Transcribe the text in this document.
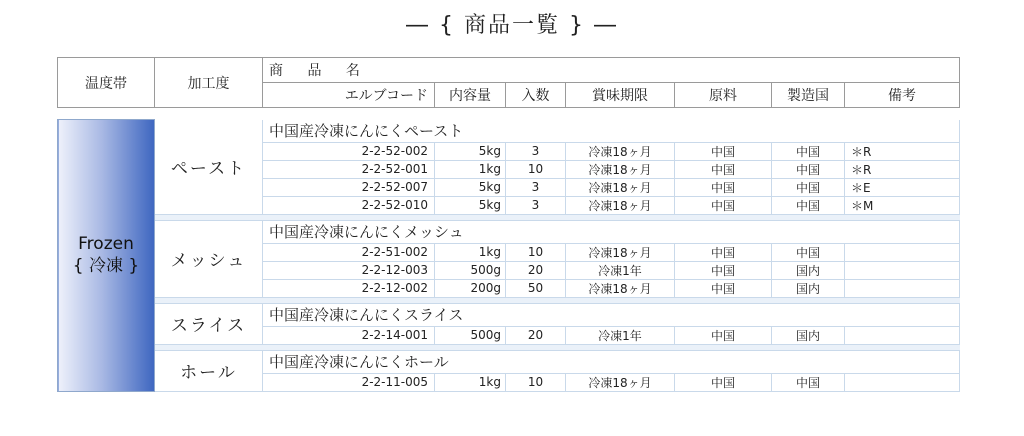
― { 商品一覧 } ―
温度帯	加工度	商 品 名						
		エルブコード	内容量	入数	賞味期限	原料	製造国	備考
Frozen
{ 冷凍 }	ペースト	中国産冷凍にんにくペースト						
		2-2-52-002	5kg	3	冷凍18ヶ月	中国	中国	＊R
		2-2-52-001	1kg	10	冷凍18ヶ月	中国	中国	＊R
		2-2-52-007	5kg	3	冷凍18ヶ月	中国	中国	＊E
		2-2-52-010	5kg	3	冷凍18ヶ月	中国	中国	＊M

	メッシュ	中国産冷凍にんにくメッシュ						
		2-2-51-002	1kg	10	冷凍18ヶ月	中国	中国	
		2-2-12-003	500g	20	冷凍1年	中国	国内	
		2-2-12-002	200g	50	冷凍18ヶ月	中国	国内	

	スライス	中国産冷凍にんにくスライス						
		2-2-14-001	500g	20	冷凍1年	中国	国内	

	ホール	中国産冷凍にんにくホール						
		2-2-11-005	1kg	10	冷凍18ヶ月	中国	中国	
